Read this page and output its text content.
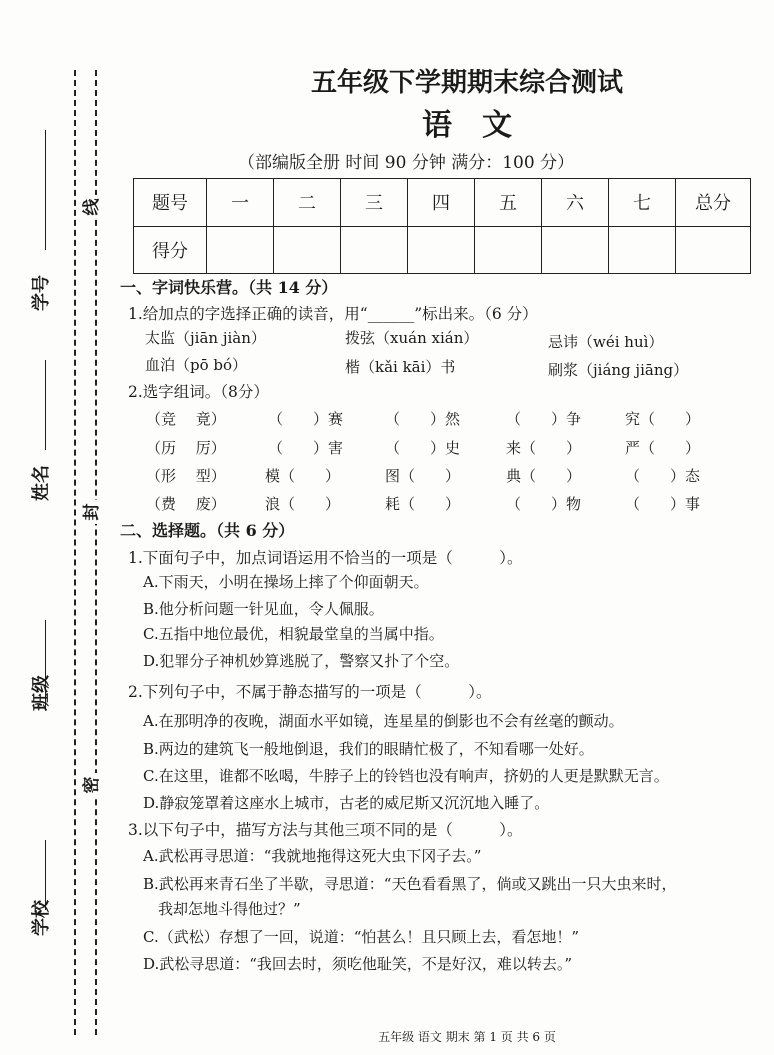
学校
班级
姓名
学号
线
封
密
五年级下学期期末综合测试
语　文
（部编版全册 时间 90 分钟 满分：100 分）
题号	一	二	三	四	五	六	七	总分
得分								
一、字词快乐营。（共 14 分）
1.给加点的字选择正确的读音，用“______”标出来。（6 分）
太监（jiān jiàn）	拨弦（xuán xián）	忌讳（wéi huì）
血泊（pō bó）	楷（kǎi kāi）书	刷浆（jiáng jiāng）
2.选字组词。（8分）
（竞　 竟）	（　　）赛	（　　）然	（　　）争	究（　　）
（历　 厉）	（　　）害	（　　）史	来（　　）	严（　　）
（形　 型）	模（　　）	图（　　）	典（　　）	（　　）态
（费　 废）	浪（　　）	耗（　　）	（　　）物	（　　）事
二、选择题。（共 6 分）
1.下面句子中，加点词语运用不恰当的一项是（　　　）。
A.下雨天，小明在操场上摔了个仰面朝天。
B.他分析问题一针见血，令人佩服。
C.五指中地位最优，相貌最堂皇的当属中指。
D.犯罪分子神机妙算逃脱了，警察又扑了个空。
2.下列句子中，不属于静态描写的一项是（　　　）。
A.在那明净的夜晚，湖面水平如镜，连星星的倒影也不会有丝毫的颤动。
B.两边的建筑飞一般地倒退，我们的眼睛忙极了，不知看哪一处好。
C.在这里，谁都不吆喝，牛脖子上的铃铛也没有响声，挤奶的人更是默默无言。
D.静寂笼罩着这座水上城市，古老的威尼斯又沉沉地入睡了。
3.以下句子中，描写方法与其他三项不同的是（　　　）。
A.武松再寻思道：“我就地拖得这死大虫下冈子去。”
B.武松再来青石坐了半歇，寻思道：“天色看看黑了，倘或又跳出一只大虫来时，
　我却怎地斗得他过？”
C.（武松）存想了一回，说道：“怕甚么！且只顾上去，看怎地！”
D.武松寻思道：“我回去时，须吃他耻笑，不是好汉，难以转去。”
五年级 语文 期末 第 1 页 共 6 页
